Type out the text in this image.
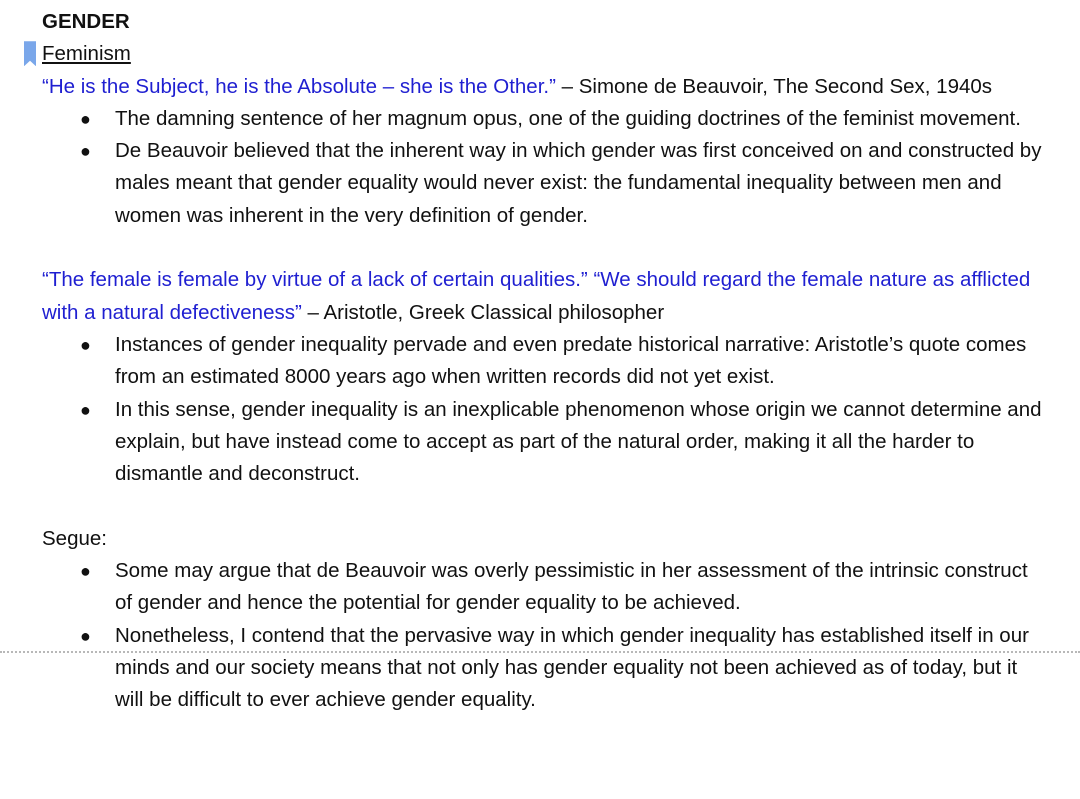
GENDER

Feminism

“He is the Subject, he is the Absolute – she is the Other.” – Simone de Beauvoir, The Second Sex, 1940s

● The damning sentence of her magnum opus, one of the guiding doctrines of the feminist movement.
● De Beauvoir believed that the inherent way in which gender was first conceived on and constructed by males meant that gender equality would never exist: the fundamental inequality between men and women was inherent in the very definition of gender.

“The female is female by virtue of a lack of certain qualities.” “We should regard the female nature as afflicted with a natural defectiveness” – Aristotle, Greek Classical philosopher

● Instances of gender inequality pervade and even predate historical narrative: Aristotle’s quote comes from an estimated 8000 years ago when written records did not yet exist.
● In this sense, gender inequality is an inexplicable phenomenon whose origin we cannot determine and explain, but have instead come to accept as part of the natural order, making it all the harder to dismantle and deconstruct.

Segue:

● Some may argue that de Beauvoir was overly pessimistic in her assessment of the intrinsic construct of gender and hence the potential for gender equality to be achieved.
● Nonetheless, I contend that the pervasive way in which gender inequality has established itself in our minds and our society means that not only has gender equality not been achieved as of today, but it will be difficult to ever achieve gender equality.
